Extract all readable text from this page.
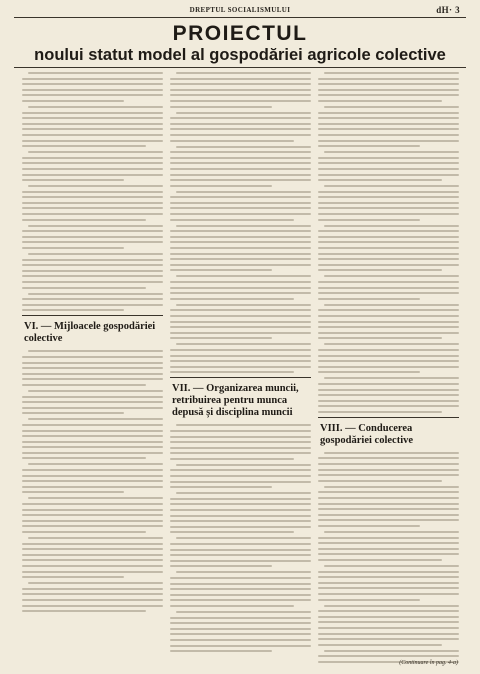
DREPTUL SOCIALISMULUI	dH· 3
PROIECTUL
noului statut model al gospodăriei agricole colective
VI. — Mijloacele gospodăriei colective
VII. — Organizarea muncii, retribuirea pentru munca depusă și disciplina muncii
VIII. — Conducerea gospodăriei colective
(Continuare în pag. 4-a)
